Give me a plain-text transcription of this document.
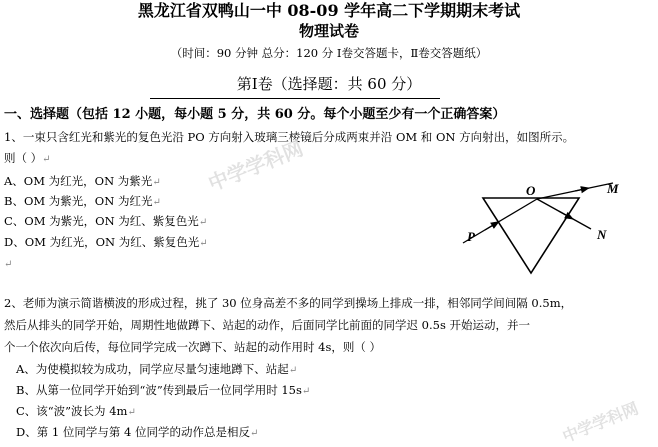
黑龙江省双鸭山一中 08-09 学年高二下学期期末考试
物理试卷
（时间：90 分钟 总分：120 分 Ⅰ卷交答题卡，Ⅱ卷交答题纸）
第Ⅰ卷（选择题：共 60 分）
一、选择题（包括 12 小题，每小题 5 分，共 60 分。每个小题至少有一个正确答案）
1、一束只含红光和紫光的复色光沿 PO 方向射入玻璃三棱镜后分成两束并沿 OM 和 ON 方向射出，如图所示。
则（ ）↵
A、OM 为红光，ON 为紫光↵
B、OM 为紫光，ON 为红光↵
C、OM 为紫光，ON 为红、紫复色光↵
D、OM 为红光，ON 为红、紫复色光↵
↵
O	M
N
P
2、老师为演示简谐横波的形成过程，挑了 30 位身高差不多的同学到操场上排成一排，相邻同学间间隔 0.5m，
然后从排头的同学开始，周期性地做蹲下、站起的动作，后面同学比前面的同学迟 0.5s 开始运动，并一
个一个依次向后传，每位同学完成一次蹲下、站起的动作用时 4s，则（ ）
A、为使模拟较为成功，同学应尽量匀速地蹲下、站起↵
B、从第一位同学开始到“波”传到最后一位同学用时 15s↵
C、该“波”波长为 4m↵
D、第 1 位同学与第 4 位同学的动作总是相反↵
中学学科网
中学学科网
